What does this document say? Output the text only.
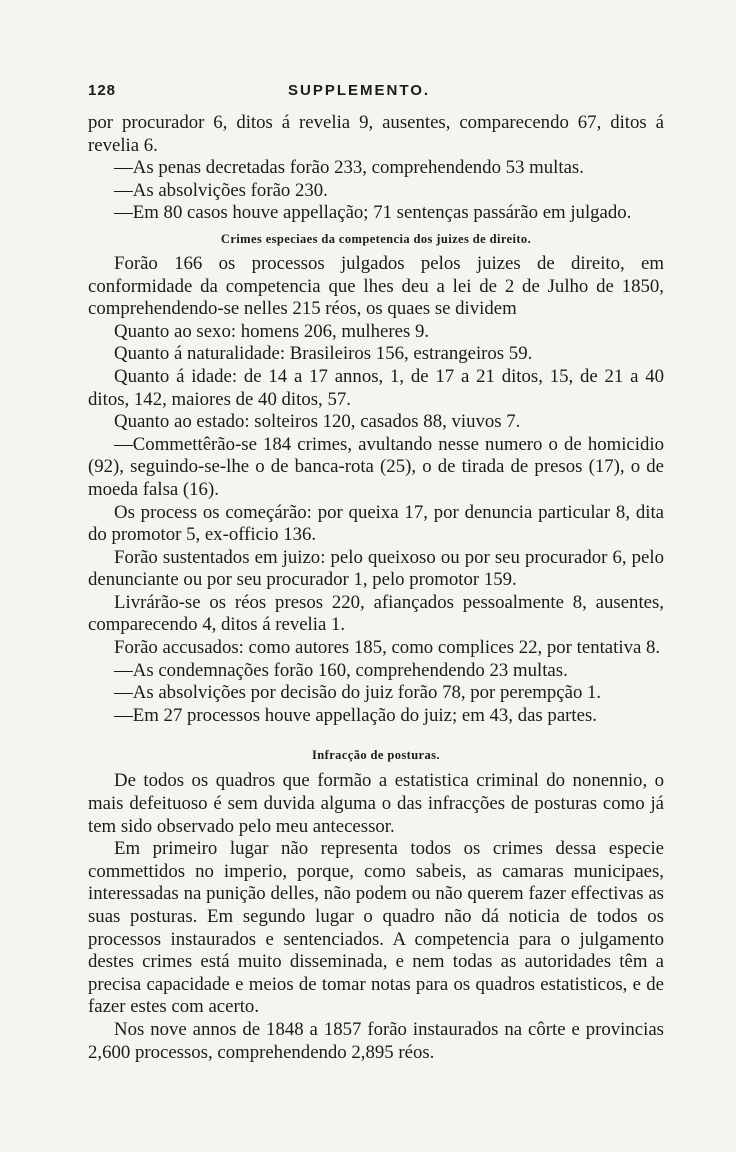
128	SUPPLEMENTO.

por procurador 6, ditos á revelia 9, ausentes, comparecendo 67, ditos á revelia 6.

—As penas decretadas forão 233, comprehendendo 53 multas.

—As absolvições forão 230.

—Em 80 casos houve appellação; 71 sentenças passárão em julgado.

Crimes especiaes da competencia dos juizes de direito.

Forão 166 os processos julgados pelos juizes de direito, em conformidade da competencia que lhes deu a lei de 2 de Julho de 1850, comprehendendo-se nelles 215 réos, os quaes se dividem

Quanto ao sexo: homens 206, mulheres 9.

Quanto á naturalidade: Brasileiros 156, estrangeiros 59.

Quanto á idade: de 14 a 17 annos, 1, de 17 a 21 ditos, 15, de 21 a 40 ditos, 142, maiores de 40 ditos, 57.

Quanto ao estado: solteiros 120, casados 88, viuvos 7.

—Commettêrão-se 184 crimes, avultando nesse numero o de homicidio (92), seguindo-se-lhe o de banca-rota (25), o de tirada de presos (17), o de moeda falsa (16).

Os process os começárão: por queixa 17, por denuncia particular 8, dita do promotor 5, ex-officio 136.

Forão sustentados em juizo: pelo queixoso ou por seu procurador 6, pelo denunciante ou por seu procurador 1, pelo promotor 159.

Livrárão-se os réos presos 220, afiançados pessoalmente 8, ausentes, comparecendo 4, ditos á revelia 1.

Forão accusados: como autores 185, como complices 22, por tentativa 8.

—As condemnações forão 160, comprehendendo 23 multas.

—As absolvições por decisão do juiz forão 78, por perempção 1.

—Em 27 processos houve appellação do juiz; em 43, das partes.

Infracção de posturas.

De todos os quadros que formão a estatistica criminal do nonennio, o mais defeituoso é sem duvida alguma o das infracções de posturas como já tem sido observado pelo meu antecessor.

Em primeiro lugar não representa todos os crimes dessa especie commettidos no imperio, porque, como sabeis, as camaras municipaes, interessadas na punição delles, não podem ou não querem fazer effectivas as suas posturas. Em segundo lugar o quadro não dá noticia de todos os processos instaurados e sentenciados. A competencia para o julgamento destes crimes está muito disseminada, e nem todas as autoridades têm a precisa capacidade e meios de tomar notas para os quadros estatisticos, e de fazer estes com acerto.

Nos nove annos de 1848 a 1857 forão instaurados na côrte e provincias 2,600 processos, comprehendendo 2,895 réos.
